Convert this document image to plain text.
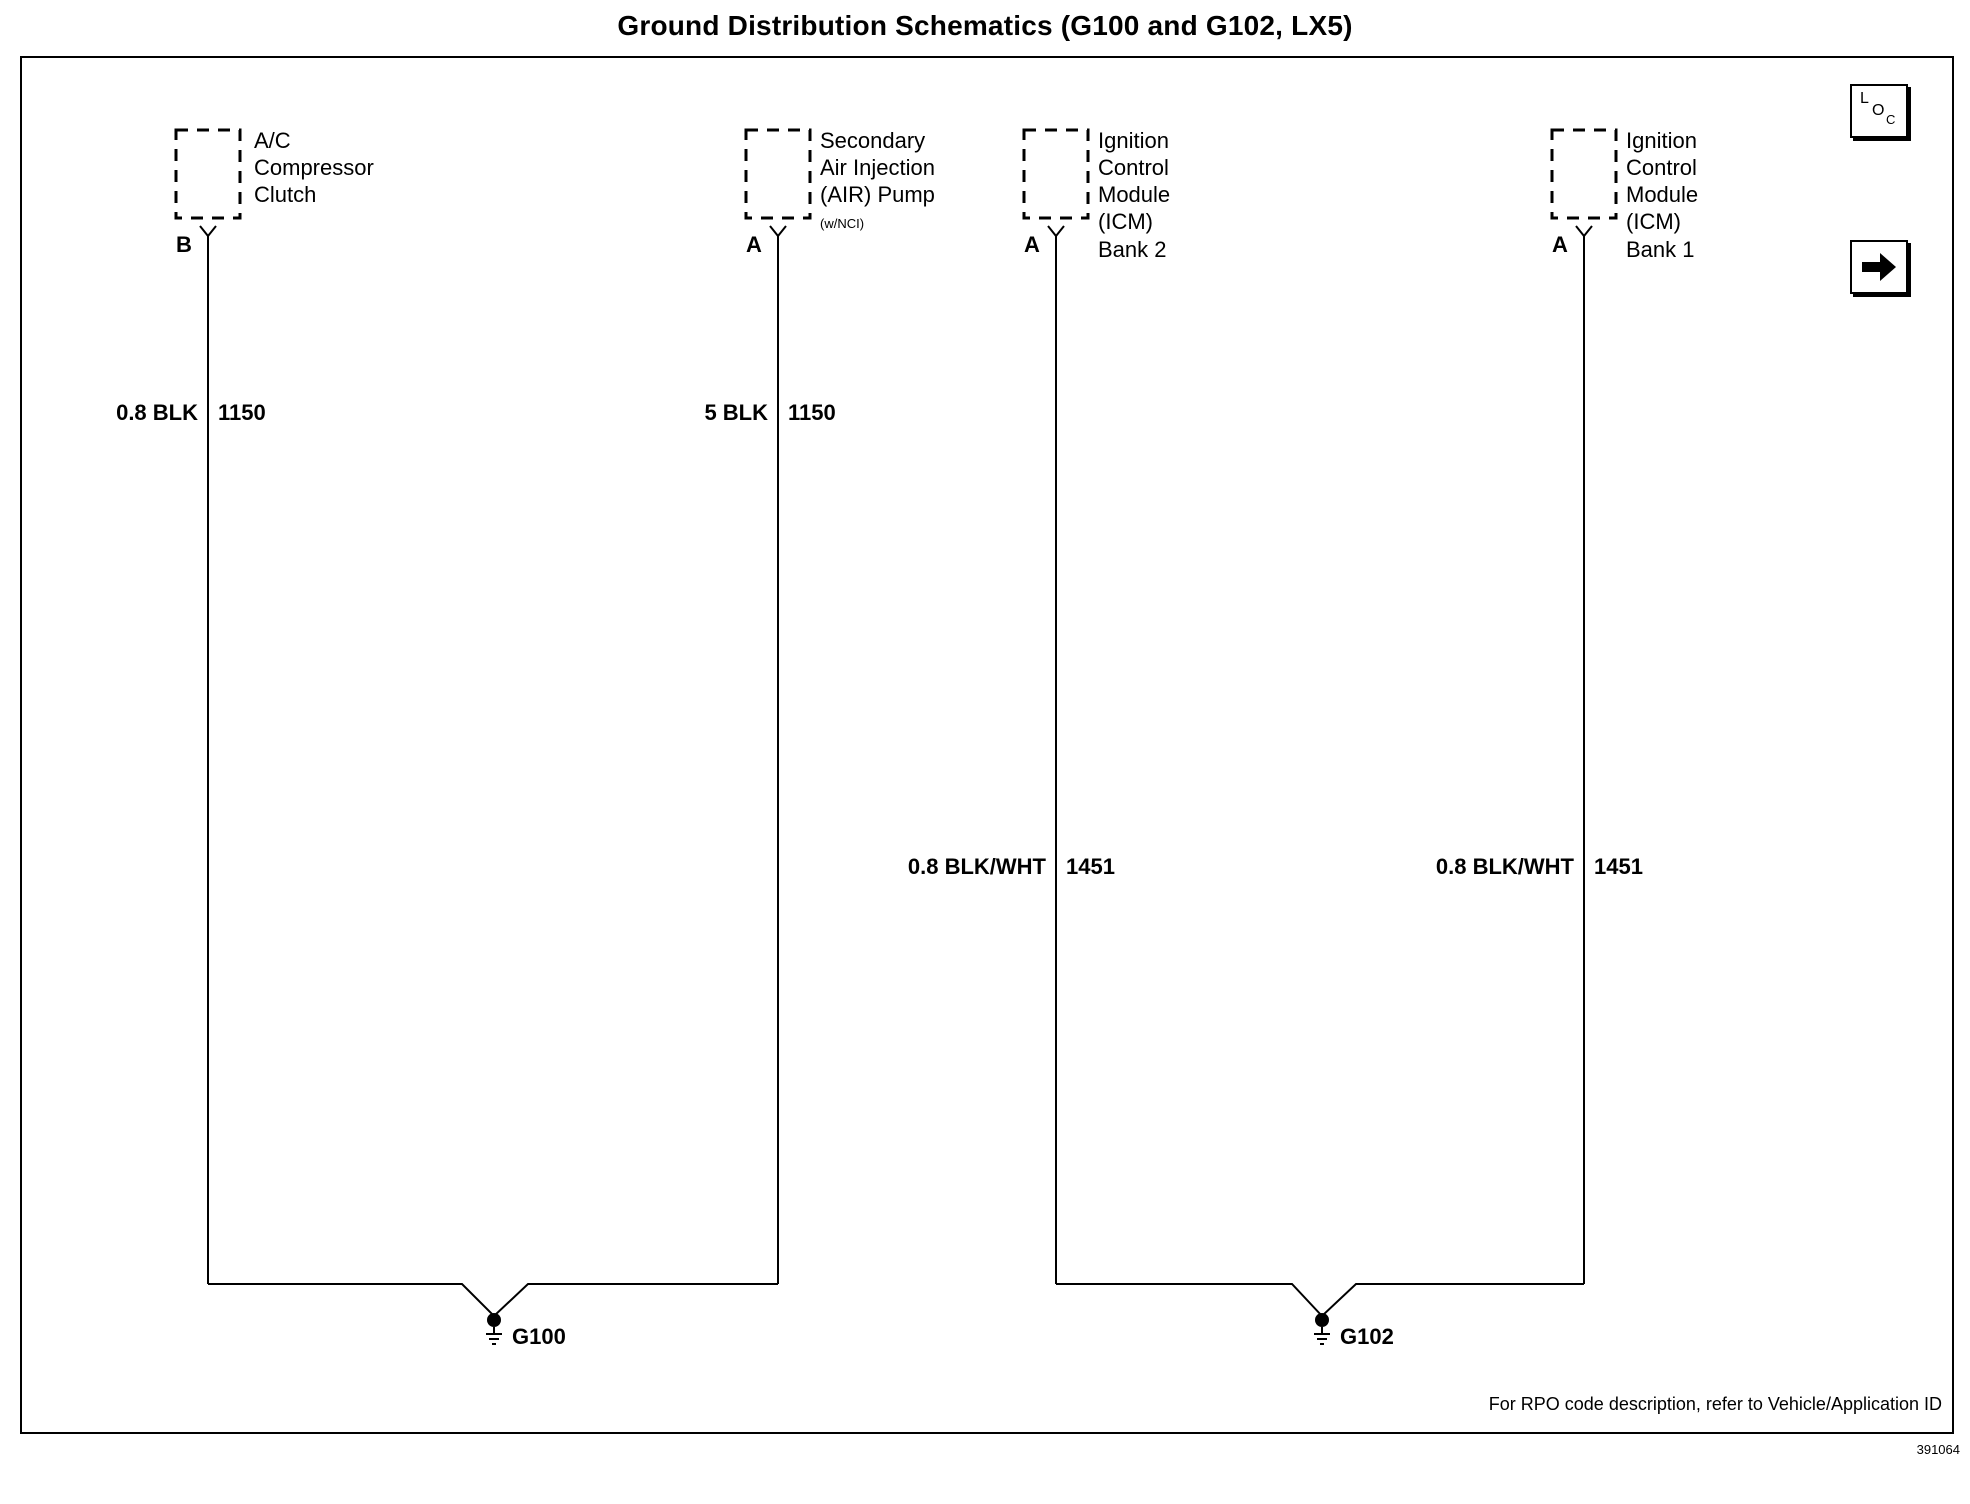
Ground Distribution Schematics (G100 and G102, LX5)
A/C
Compressor
Clutch
B
Secondary
Air Injection
(AIR) Pump
(w/NCI)
A
Ignition
Control
Module
(ICM)
Bank 2
A
Ignition
Control
Module
(ICM)
Bank 1
A
0.8 BLK 1150	5 BLK 1150
0.8 BLK/WHT 1451	0.8 BLK/WHT 1451
G100	G102
L
O
C
For RPO code description, refer to Vehicle/Application ID
391064
